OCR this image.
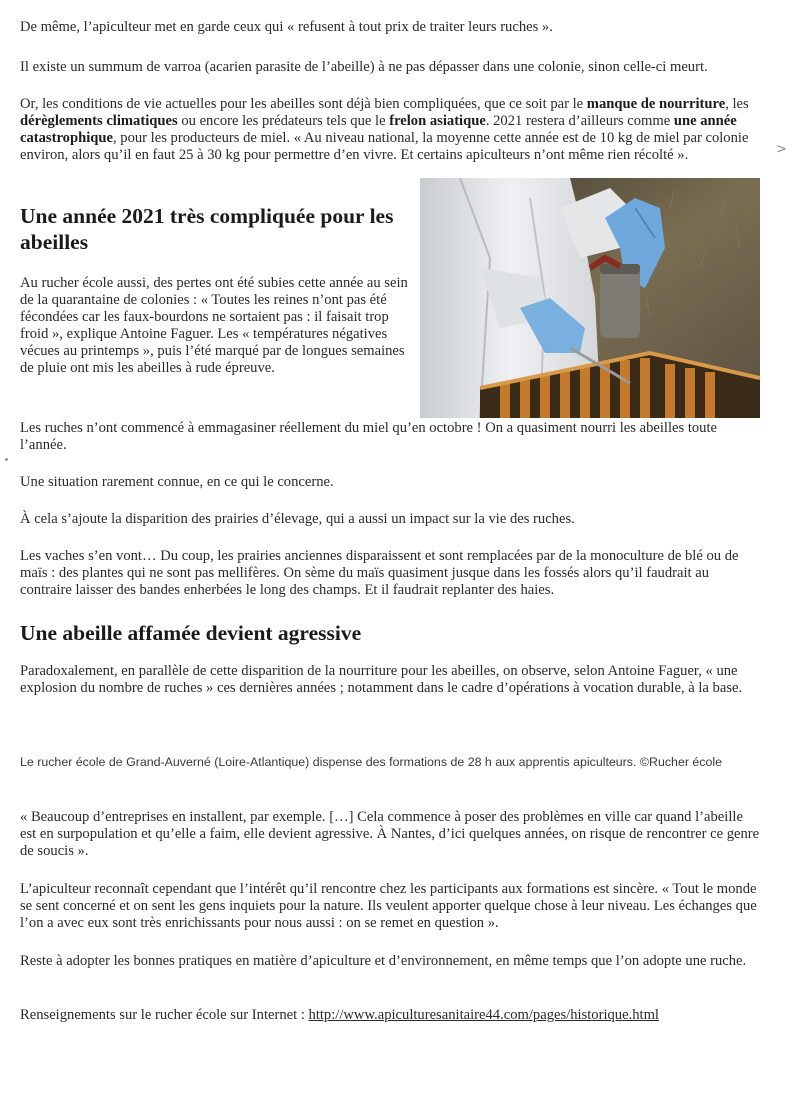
De même, l’apiculteur met en garde ceux qui « refusent à tout prix de traiter leurs ruches ».

Il existe un summum de varroa (acarien parasite de l’abeille) à ne pas dépasser dans une colonie, sinon celle-ci meurt.

Or, les conditions de vie actuelles pour les abeilles sont déjà bien compliquées, que ce soit par le manque de nourriture, les dérèglements climatiques ou encore les prédateurs tels que le frelon asiatique. 2021 restera d’ailleurs comme une année catastrophique, pour les producteurs de miel. « Au niveau national, la moyenne cette année est de 10 kg de miel par colonie environ, alors qu’il en faut 25 à 30 kg pour permettre d’en vivre. Et certains apiculteurs n’ont même rien récolté ».	>
Une année 2021 très compliquée pour les abeilles

Au rucher école aussi, des pertes ont été subies cette année au sein de la quarantaine de colonies : « Toutes les reines n’ont pas été fécondées car les faux-bourdons ne sortaient pas : il faisait trop froid », explique Antoine Faguer. Les « températures négatives vécues au printemps », puis l’été marqué par de longues semaines de pluie ont mis les abeilles à rude épreuve.

Les ruches n’ont commencé à emmagasiner réellement du miel qu’en octobre ! On a quasiment nourri les abeilles toute l’année.

Une situation rarement connue, en ce qui le concerne.

À cela s’ajoute la disparition des prairies d’élevage, qui a aussi un impact sur la vie des ruches.

Les vaches s’en vont… Du coup, les prairies anciennes disparaissent et sont remplacées par de la monoculture de blé ou de maïs : des plantes qui ne sont pas mellifères. On sème du maïs quasiment jusque dans les fossés alors qu’il faudrait au contraire laisser des bandes enherbées le long des champs. Et il faudrait replanter des haies.

Une abeille affamée devient agressive

Paradoxalement, en parallèle de cette disparition de la nourriture pour les abeilles, on observe, selon Antoine Faguer, « une explosion du nombre de ruches » ces dernières années ; notamment dans le cadre d’opérations à vocation durable, à la base.

Le rucher école de Grand-Auverné (Loire-Atlantique) dispense des formations de 28 h aux apprentis apiculteurs. ©Rucher école

« Beaucoup d’entreprises en installent, par exemple. […] Cela commence à poser des problèmes en ville car quand l’abeille est en surpopulation et qu’elle a faim, elle devient agressive. À Nantes, d’ici quelques années, on risque de rencontrer ce genre de soucis ».

L’apiculteur reconnaît cependant que l’intérêt qu’il rencontre chez les participants aux formations est sincère. « Tout le monde se sent concerné et on sent les gens inquiets pour la nature. Ils veulent apporter quelque chose à leur niveau. Les échanges que l’on a avec eux sont très enrichissants pour nous aussi : on se remet en question ».

Reste à adopter les bonnes pratiques en matière d’apiculture et d’environnement, en même temps que l’on adopte une ruche.

Renseignements sur le rucher école sur Internet : http://www.apiculturesanitaire44.com/pages/historique.html
